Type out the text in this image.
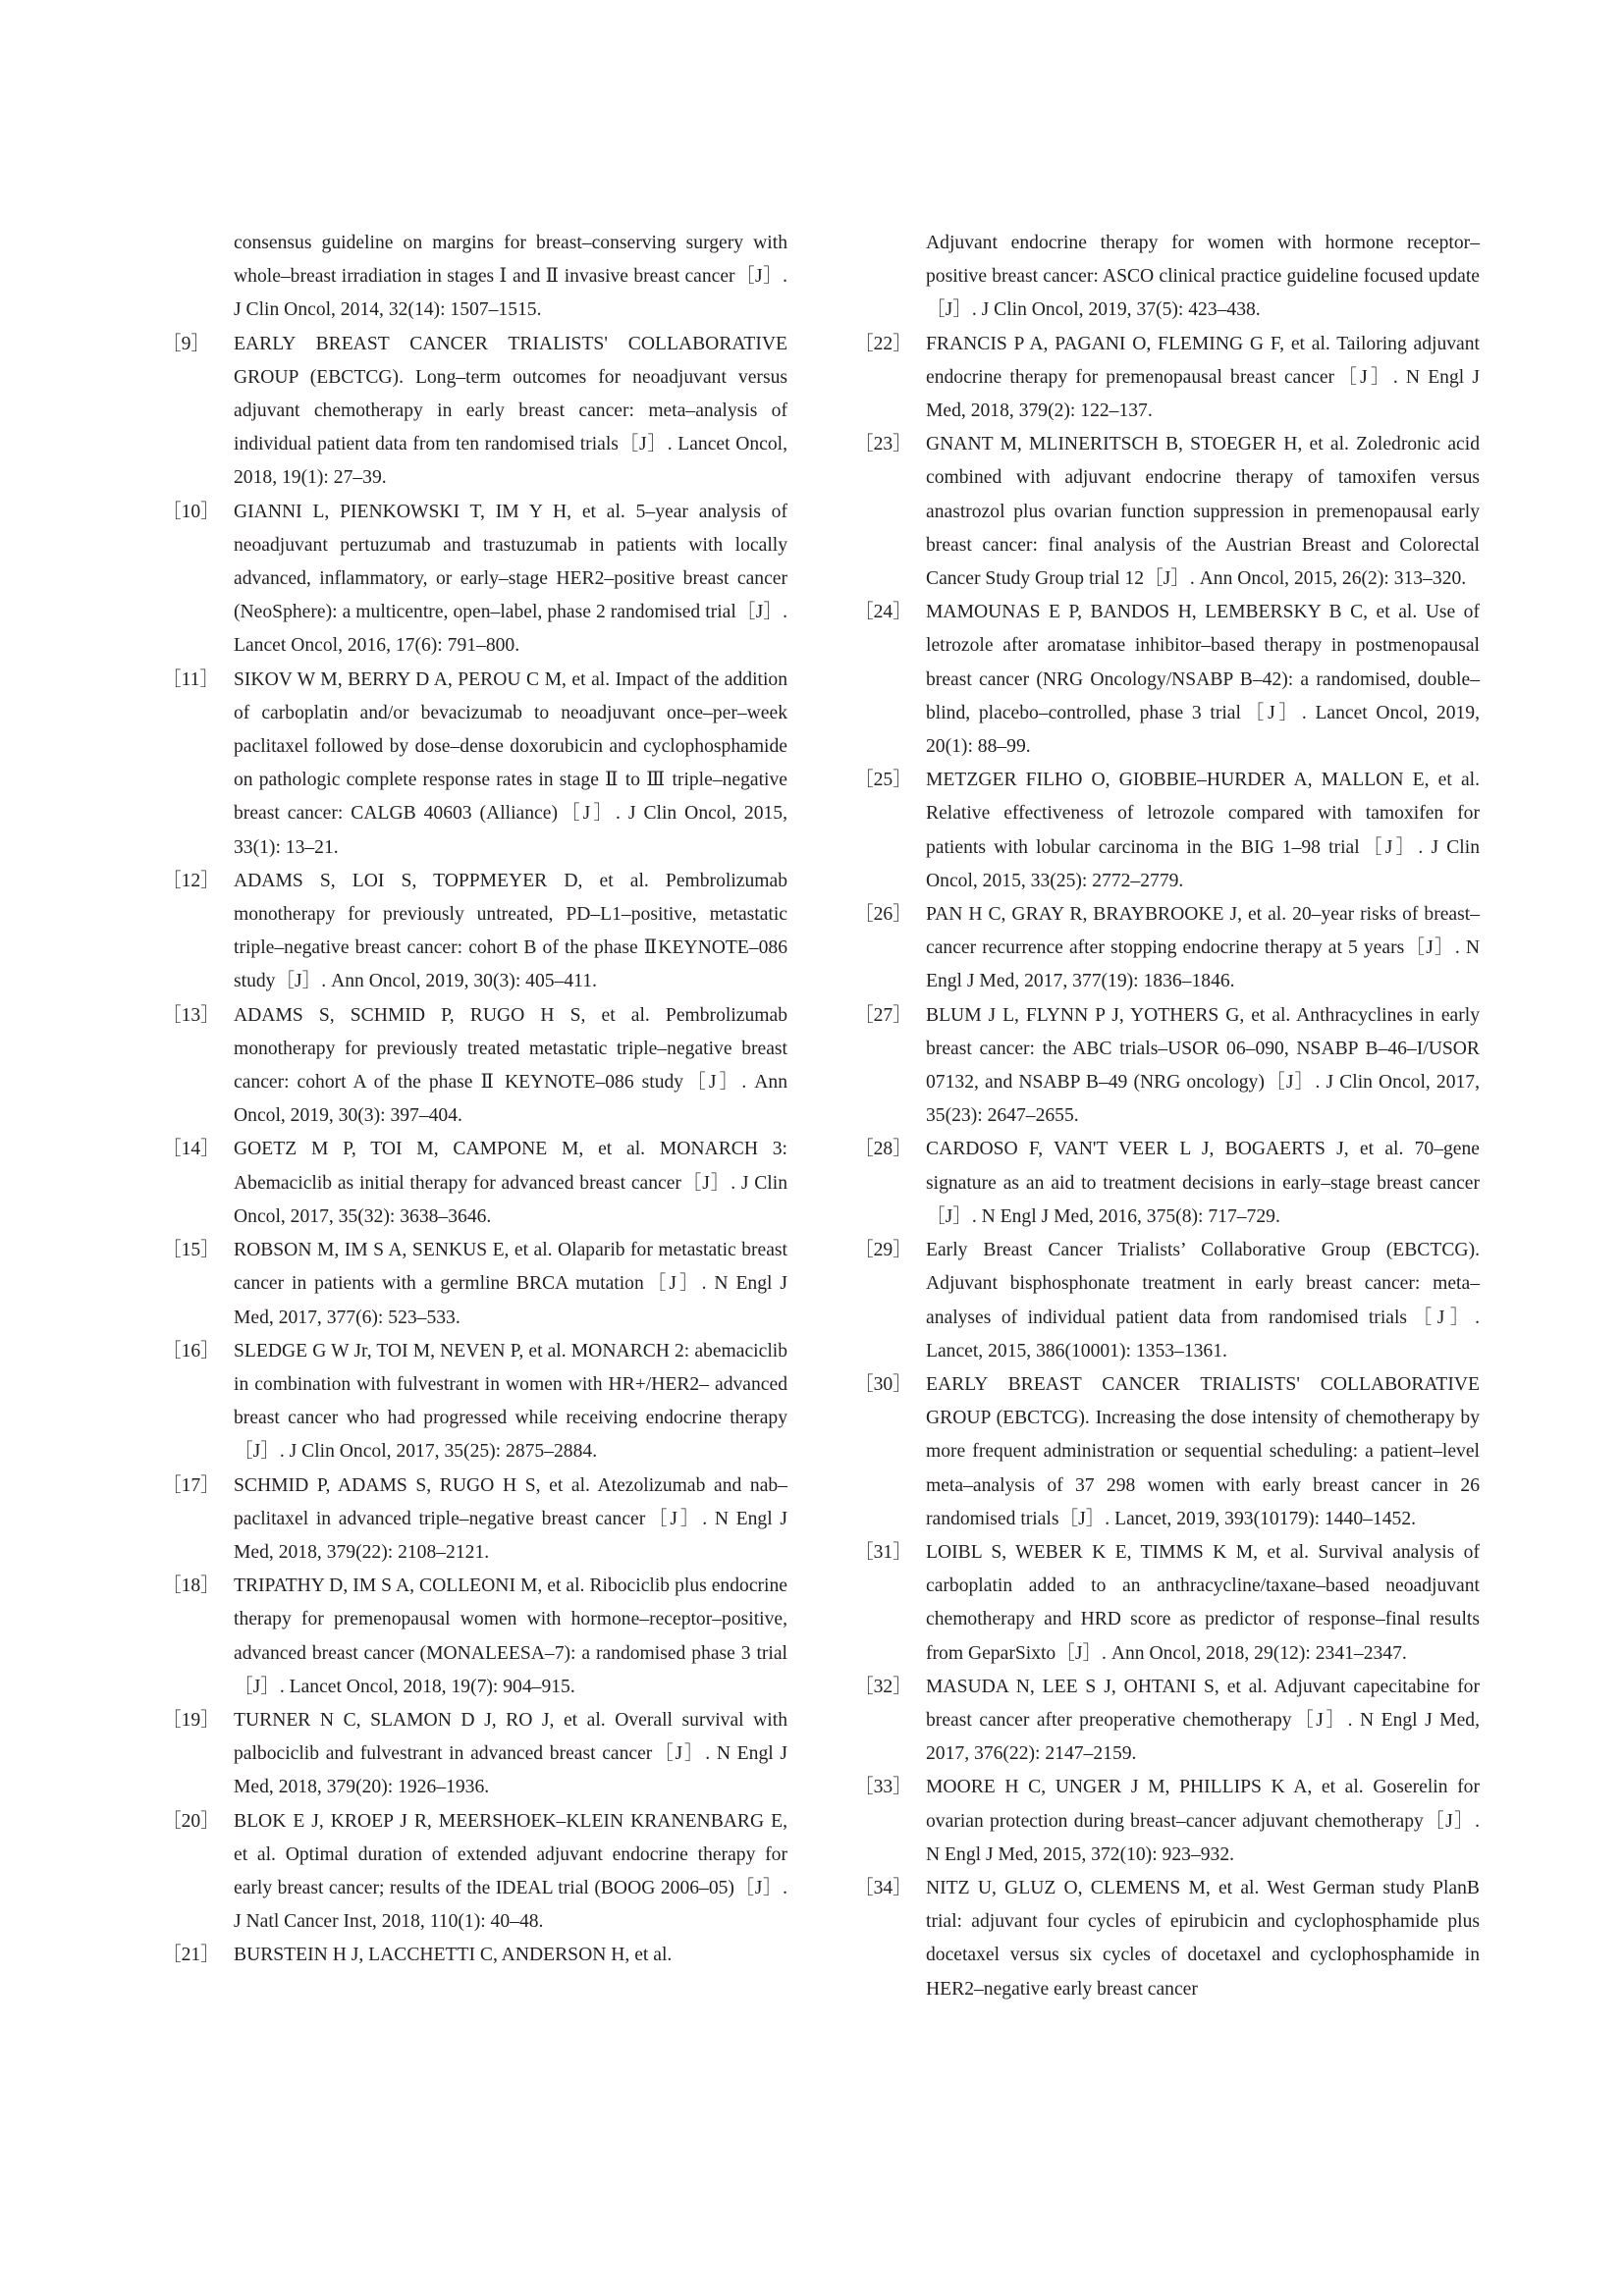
consensus guideline on margins for breast–conserving surgery with whole–breast irradiation in stages Ⅰ and Ⅱ invasive breast cancer［J］. J Clin Oncol, 2014, 32(14): 1507–1515.
［9］ EARLY BREAST CANCER TRIALISTS' COLLABORATIVE GROUP (EBCTCG). Long–term outcomes for neoadjuvant versus adjuvant chemotherapy in early breast cancer: meta–analysis of individual patient data from ten randomised trials［J］. Lancet Oncol, 2018, 19(1): 27–39.
［10］ GIANNI L, PIENKOWSKI T, IM Y H, et al. 5–year analysis of neoadjuvant pertuzumab and trastuzumab in patients with locally advanced, inflammatory, or early–stage HER2–positive breast cancer (NeoSphere): a multicentre, open–label, phase 2 randomised trial［J］. Lancet Oncol, 2016, 17(6): 791–800.
［11］ SIKOV W M, BERRY D A, PEROU C M, et al. Impact of the addition of carboplatin and/or bevacizumab to neoadjuvant once–per–week paclitaxel followed by dose–dense doxorubicin and cyclophosphamide on pathologic complete response rates in stage Ⅱ to Ⅲ triple–negative breast cancer: CALGB 40603 (Alliance)［J］. J Clin Oncol, 2015, 33(1): 13–21.
［12］ ADAMS S, LOI S, TOPPMEYER D, et al. Pembrolizumab monotherapy for previously untreated, PD–L1–positive, metastatic triple–negative breast cancer: cohort B of the phase ⅡKEYNOTE–086 study［J］. Ann Oncol, 2019, 30(3): 405–411.
［13］ ADAMS S, SCHMID P, RUGO H S, et al. Pembrolizumab monotherapy for previously treated metastatic triple–negative breast cancer: cohort A of the phase Ⅱ KEYNOTE–086 study［J］. Ann Oncol, 2019, 30(3): 397–404.
［14］ GOETZ M P, TOI M, CAMPONE M, et al. MONARCH 3: Abemaciclib as initial therapy for advanced breast cancer［J］. J Clin Oncol, 2017, 35(32): 3638–3646.
［15］ ROBSON M, IM S A, SENKUS E, et al. Olaparib for metastatic breast cancer in patients with a germline BRCA mutation［J］. N Engl J Med, 2017, 377(6): 523–533.
［16］ SLEDGE G W Jr, TOI M, NEVEN P, et al. MONARCH 2: abemaciclib in combination with fulvestrant in women with HR+/HER2– advanced breast cancer who had progressed while receiving endocrine therapy［J］. J Clin Oncol, 2017, 35(25): 2875–2884.
［17］ SCHMID P, ADAMS S, RUGO H S, et al. Atezolizumab and nab–paclitaxel in advanced triple–negative breast cancer［J］. N Engl J Med, 2018, 379(22): 2108–2121.
［18］ TRIPATHY D, IM S A, COLLEONI M, et al. Ribociclib plus endocrine therapy for premenopausal women with hormone–receptor–positive, advanced breast cancer (MONALEESA–7): a randomised phase 3 trial［J］. Lancet Oncol, 2018, 19(7): 904–915.
［19］ TURNER N C, SLAMON D J, RO J, et al. Overall survival with palbociclib and fulvestrant in advanced breast cancer［J］. N Engl J Med, 2018, 379(20): 1926–1936.
［20］ BLOK E J, KROEP J R, MEERSHOEK–KLEIN KRANENBARG E, et al. Optimal duration of extended adjuvant endocrine therapy for early breast cancer; results of the IDEAL trial (BOOG 2006–05)［J］. J Natl Cancer Inst, 2018, 110(1): 40–48.
［21］ BURSTEIN H J, LACCHETTI C, ANDERSON H, et al.
Adjuvant endocrine therapy for women with hormone receptor–positive breast cancer: ASCO clinical practice guideline focused update［J］. J Clin Oncol, 2019, 37(5): 423–438.
［22］ FRANCIS P A, PAGANI O, FLEMING G F, et al. Tailoring adjuvant endocrine therapy for premenopausal breast cancer［J］. N Engl J Med, 2018, 379(2): 122–137.
［23］ GNANT M, MLINERITSCH B, STOEGER H, et al. Zoledronic acid combined with adjuvant endocrine therapy of tamoxifen versus anastrozol plus ovarian function suppression in premenopausal early breast cancer: final analysis of the Austrian Breast and Colorectal Cancer Study Group trial 12［J］. Ann Oncol, 2015, 26(2): 313–320.
［24］ MAMOUNAS E P, BANDOS H, LEMBERSKY B C, et al. Use of letrozole after aromatase inhibitor–based therapy in postmenopausal breast cancer (NRG Oncology/NSABP B–42): a randomised, double–blind, placebo–controlled, phase 3 trial［J］. Lancet Oncol, 2019, 20(1): 88–99.
［25］ METZGER FILHO O, GIOBBIE–HURDER A, MALLON E, et al. Relative effectiveness of letrozole compared with tamoxifen for patients with lobular carcinoma in the BIG 1–98 trial［J］. J Clin Oncol, 2015, 33(25): 2772–2779.
［26］ PAN H C, GRAY R, BRAYBROOKE J, et al. 20–year risks of breast–cancer recurrence after stopping endocrine therapy at 5 years［J］. N Engl J Med, 2017, 377(19): 1836–1846.
［27］ BLUM J L, FLYNN P J, YOTHERS G, et al. Anthracyclines in early breast cancer: the ABC trials–USOR 06–090, NSABP B–46–I/USOR 07132, and NSABP B–49 (NRG oncology)［J］. J Clin Oncol, 2017, 35(23): 2647–2655.
［28］ CARDOSO F, VAN'T VEER L J, BOGAERTS J, et al. 70–gene signature as an aid to treatment decisions in early–stage breast cancer［J］. N Engl J Med, 2016, 375(8): 717–729.
［29］ Early Breast Cancer Trialists’ Collaborative Group (EBCTCG). Adjuvant bisphosphonate treatment in early breast cancer: meta–analyses of individual patient data from randomised trials［J］. Lancet, 2015, 386(10001): 1353–1361.
［30］ EARLY BREAST CANCER TRIALISTS' COLLABORATIVE GROUP (EBCTCG). Increasing the dose intensity of chemotherapy by more frequent administration or sequential scheduling: a patient–level meta–analysis of 37 298 women with early breast cancer in 26 randomised trials［J］. Lancet, 2019, 393(10179): 1440–1452.
［31］ LOIBL S, WEBER K E, TIMMS K M, et al. Survival analysis of carboplatin added to an anthracycline/taxane–based neoadjuvant chemotherapy and HRD score as predictor of response–final results from GeparSixto［J］. Ann Oncol, 2018, 29(12): 2341–2347.
［32］ MASUDA N, LEE S J, OHTANI S, et al. Adjuvant capecitabine for breast cancer after preoperative chemotherapy［J］. N Engl J Med, 2017, 376(22): 2147–2159.
［33］ MOORE H C, UNGER J M, PHILLIPS K A, et al. Goserelin for ovarian protection during breast–cancer adjuvant chemotherapy［J］. N Engl J Med, 2015, 372(10): 923–932.
［34］ NITZ U, GLUZ O, CLEMENS M, et al. West German study PlanB trial: adjuvant four cycles of epirubicin and cyclophosphamide plus docetaxel versus six cycles of docetaxel and cyclophosphamide in HER2–negative early breast cancer
